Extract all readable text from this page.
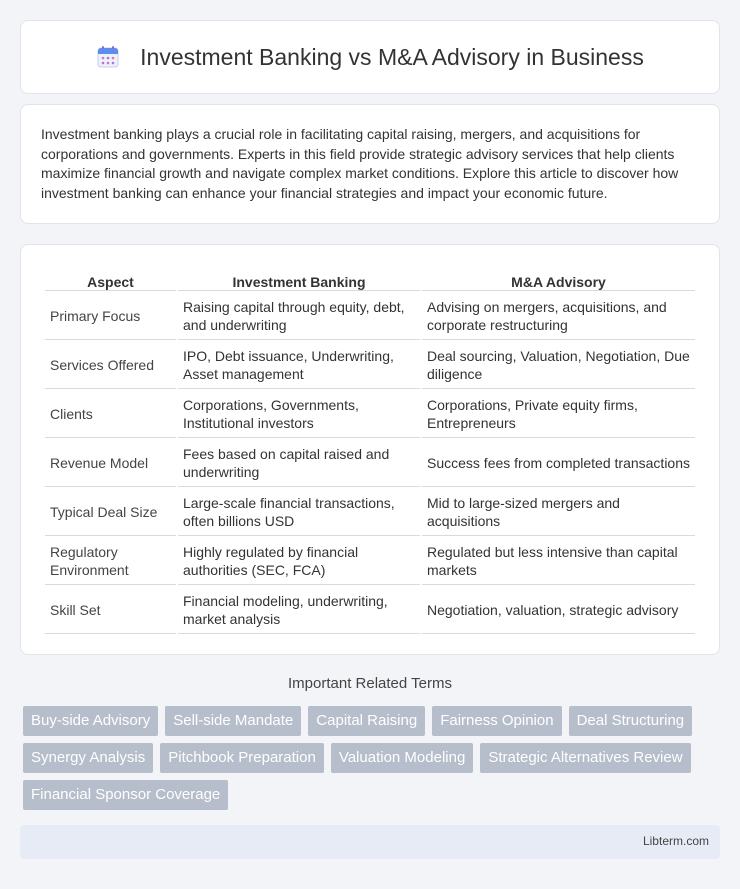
Investment Banking vs M&A Advisory in Business

Investment banking plays a crucial role in facilitating capital raising, mergers, and acquisitions for corporations and governments. Experts in this field provide strategic advisory services that help clients maximize financial growth and navigate complex market conditions. Explore this article to discover how investment banking can enhance your financial strategies and impact your economic future.

Aspect	Investment Banking	M&A Advisory
Primary Focus	Raising capital through equity, debt, and underwriting	Advising on mergers, acquisitions, and corporate restructuring
Services Offered	IPO, Debt issuance, Underwriting, Asset management	Deal sourcing, Valuation, Negotiation, Due diligence
Clients	Corporations, Governments, Institutional investors	Corporations, Private equity firms, Entrepreneurs
Revenue Model	Fees based on capital raised and underwriting	Success fees from completed transactions
Typical Deal Size	Large-scale financial transactions, often billions USD	Mid to large-sized mergers and acquisitions
Regulatory Environment	Highly regulated by financial authorities (SEC, FCA)	Regulated but less intensive than capital markets
Skill Set	Financial modeling, underwriting, market analysis	Negotiation, valuation, strategic advisory
Important Related Terms
Buy-side Advisory	Sell-side Mandate	Capital Raising	Fairness Opinion	Deal Structuring
Synergy Analysis	Pitchbook Preparation	Valuation Modeling	Strategic Alternatives Review
Financial Sponsor Coverage
Libterm.com
